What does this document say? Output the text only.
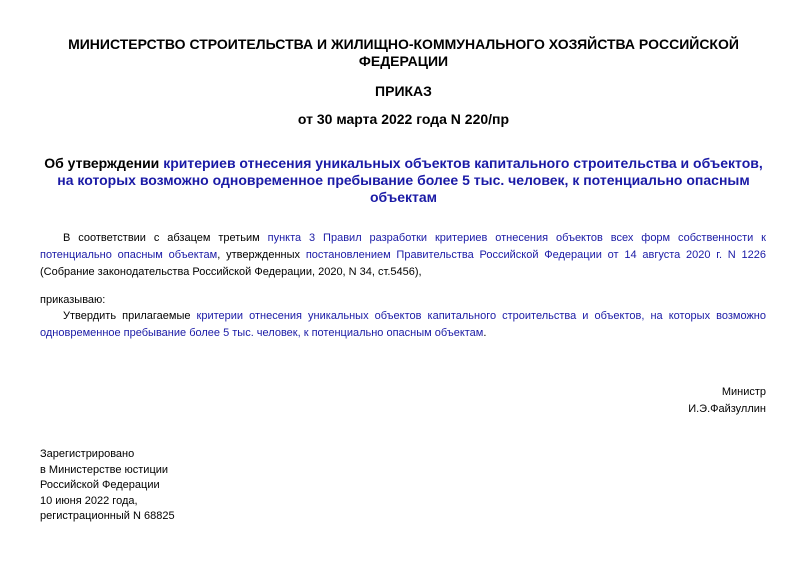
МИНИСТЕРСТВО СТРОИТЕЛЬСТВА И ЖИЛИЩНО-КОММУНАЛЬНОГО ХОЗЯЙСТВА РОССИЙСКОЙ ФЕДЕРАЦИИ
ПРИКАЗ
от 30 марта 2022 года N 220/пр
Об утверждении критериев отнесения уникальных объектов капитального строительства и объектов, на которых возможно одновременное пребывание более 5 тыс. человек, к потенциально опасным объектам
В соответствии с абзацем третьим пункта 3 Правил разработки критериев отнесения объектов всех форм собственности к потенциально опасным объектам, утвержденных постановлением Правительства Российской Федерации от 14 августа 2020 г. N 1226 (Собрание законодательства Российской Федерации, 2020, N 34, ст.5456),
приказываю:
Утвердить прилагаемые критерии отнесения уникальных объектов капитального строительства и объектов, на которых возможно одновременное пребывание более 5 тыс. человек, к потенциально опасным объектам.
Министр
И.Э.Файзуллин
Зарегистрировано
в Министерстве юстиции
Российской Федерации
10 июня 2022 года,
регистрационный N 68825
